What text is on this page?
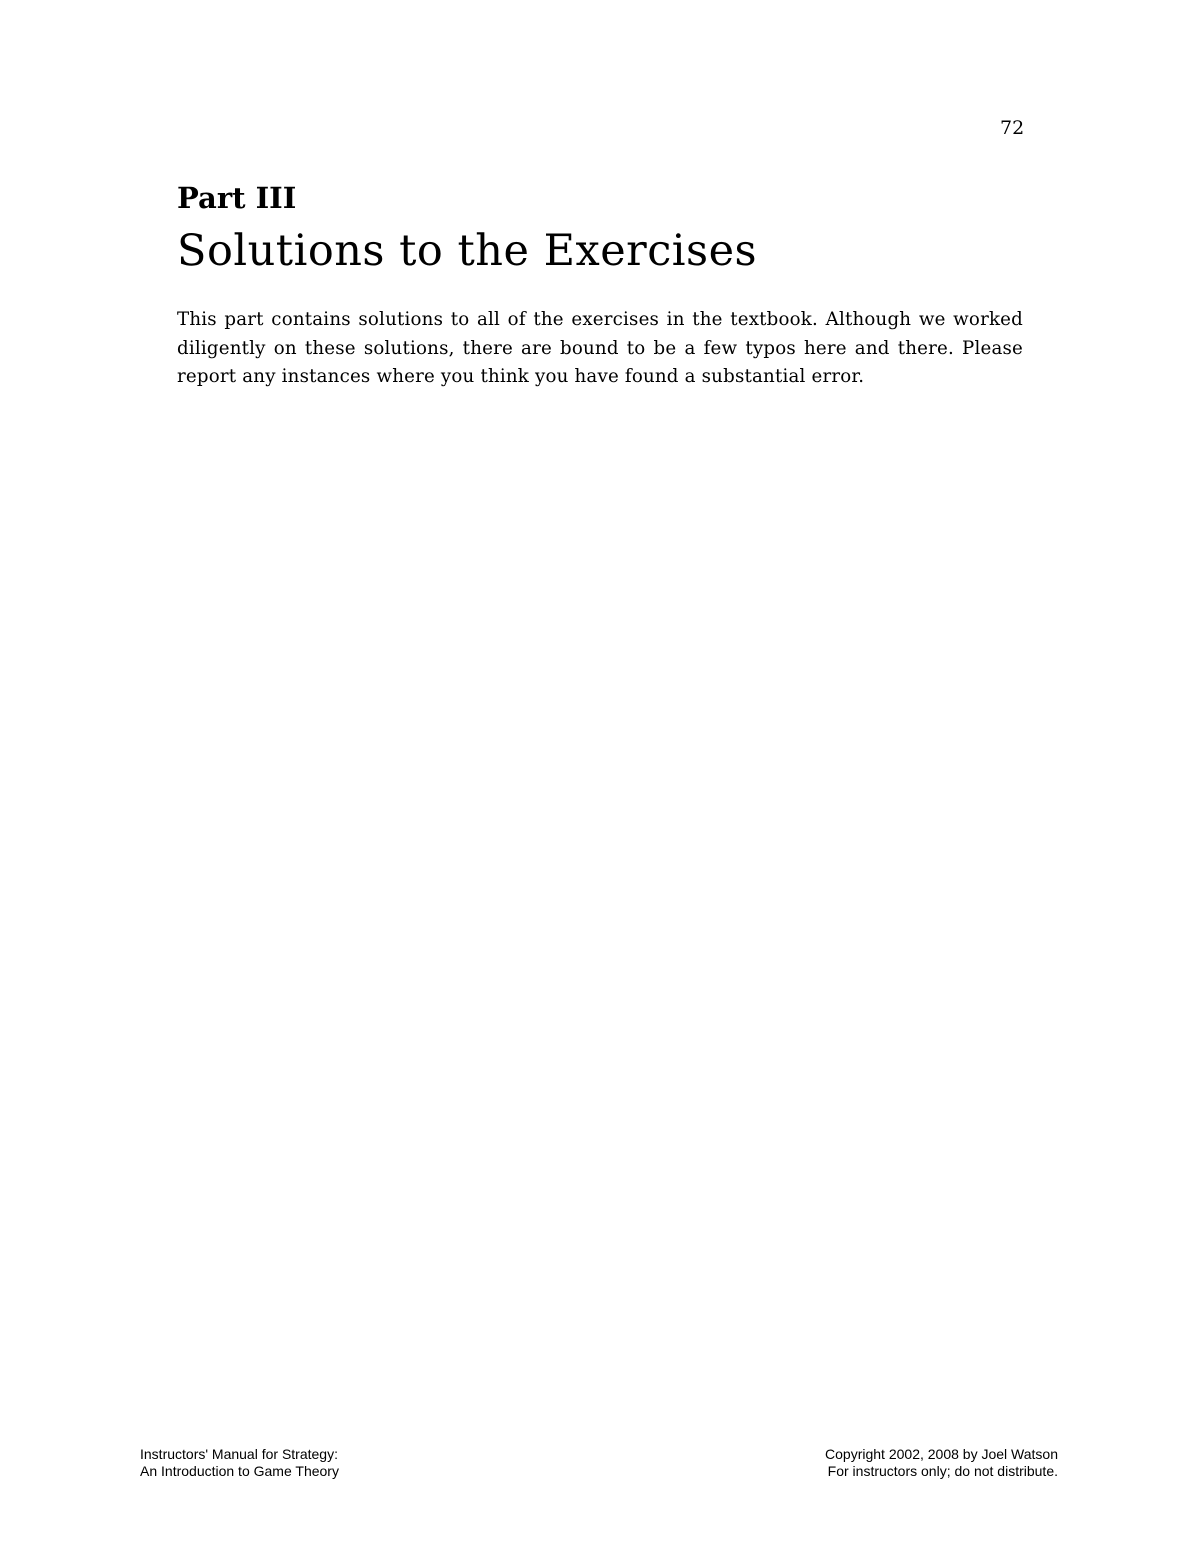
72
Part III
Solutions to the Exercises

This part contains solutions to all of the exercises in the textbook. Although we worked diligently on these solutions, there are bound to be a few typos here and there. Please report any instances where you think you have found a substantial error.

Instructors' Manual for Strategy:
An Introduction to Game Theory
Copyright 2002, 2008 by Joel Watson
For instructors only; do not distribute.
